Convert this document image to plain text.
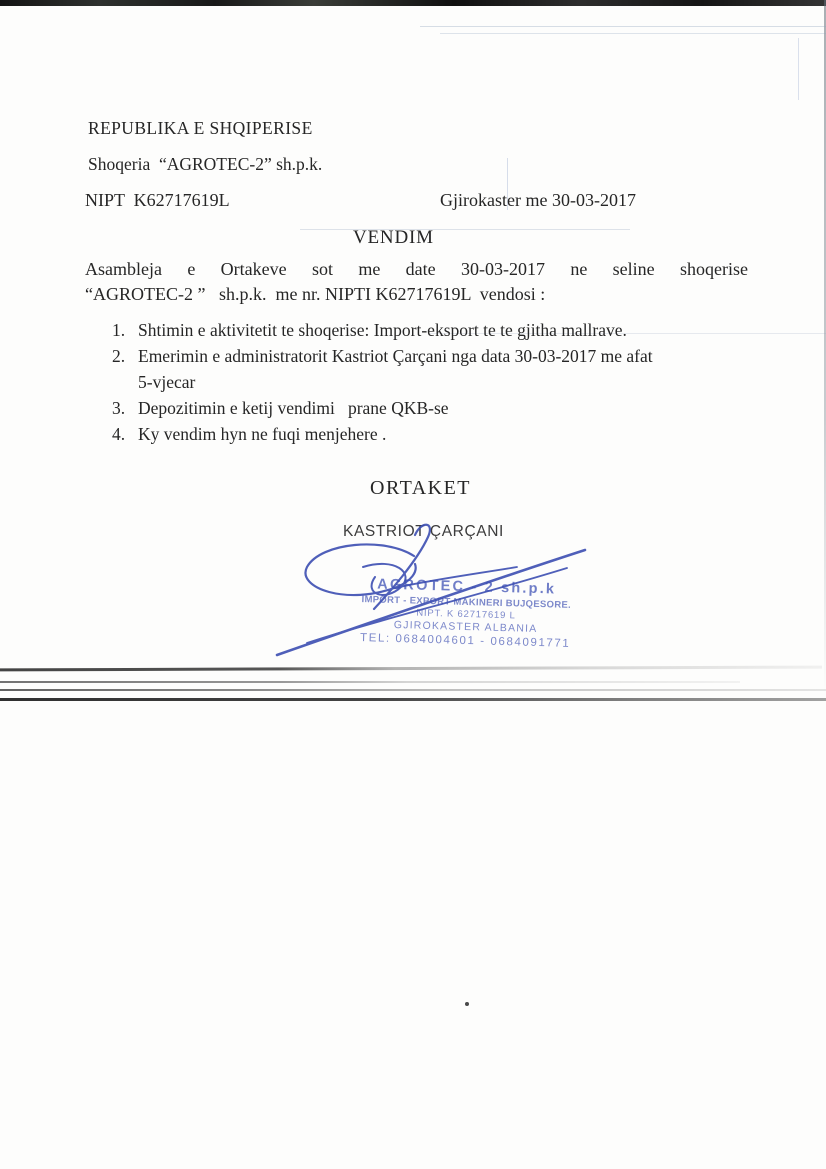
REPUBLIKA E SHQIPERISE
Shoqeria  “AGROTEC-2” sh.p.k.
NIPT  K62717619L	Gjirokaster me 30-03-2017
VENDIM
Asambleja e Ortakeve sot me date 30-03-2017 ne seline shoqerise
“AGROTEC-2 ”   sh.p.k.  me nr. NIPTI K62717619L  vendosi :
1. Shtimin e aktivitetit te shoqerise: Import-eksport te te gjitha mallrave.
2. Emerimin e administratorit Kastriot Çarçani nga data 30-03-2017 me afat
5-vjecar
3. Depozitimin e ketij vendimi   prane QKB-se
4. Ky vendim hyn ne fuqi menjehere .
ORTAKET
KASTRIOT ÇARÇANI
AGROTEC - 2 sh.p.k
IMPORT - EXPORT MAKINERI BUJQESORE.
NIPT. K 62717619 L
GJIROKASTER ALBANIA
TEL: 0684004601 - 0684091771
